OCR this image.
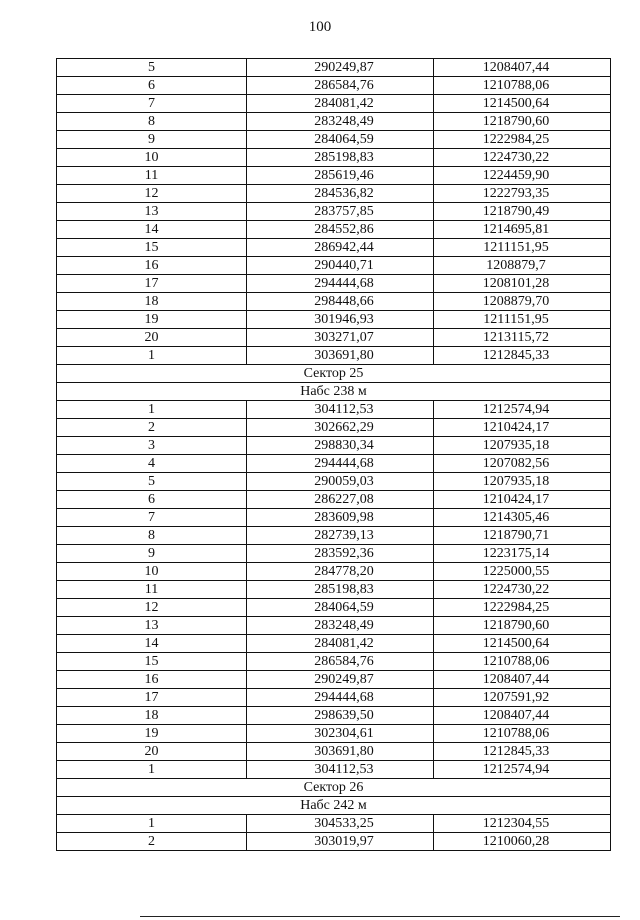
100
5	290249,87	1208407,44
6	286584,76	1210788,06
7	284081,42	1214500,64
8	283248,49	1218790,60
9	284064,59	1222984,25
10	285198,83	1224730,22
11	285619,46	1224459,90
12	284536,82	1222793,35
13	283757,85	1218790,49
14	284552,86	1214695,81
15	286942,44	1211151,95
16	290440,71	1208879,7
17	294444,68	1208101,28
18	298448,66	1208879,70
19	301946,93	1211151,95
20	303271,07	1213115,72
1	303691,80	1212845,33
Сектор 25		
Набс 238 м		
1	304112,53	1212574,94
2	302662,29	1210424,17
3	298830,34	1207935,18
4	294444,68	1207082,56
5	290059,03	1207935,18
6	286227,08	1210424,17
7	283609,98	1214305,46
8	282739,13	1218790,71
9	283592,36	1223175,14
10	284778,20	1225000,55
11	285198,83	1224730,22
12	284064,59	1222984,25
13	283248,49	1218790,60
14	284081,42	1214500,64
15	286584,76	1210788,06
16	290249,87	1208407,44
17	294444,68	1207591,92
18	298639,50	1208407,44
19	302304,61	1210788,06
20	303691,80	1212845,33
1	304112,53	1212574,94
Сектор 26		
Набс 242 м		
1	304533,25	1212304,55
2	303019,97	1210060,28
